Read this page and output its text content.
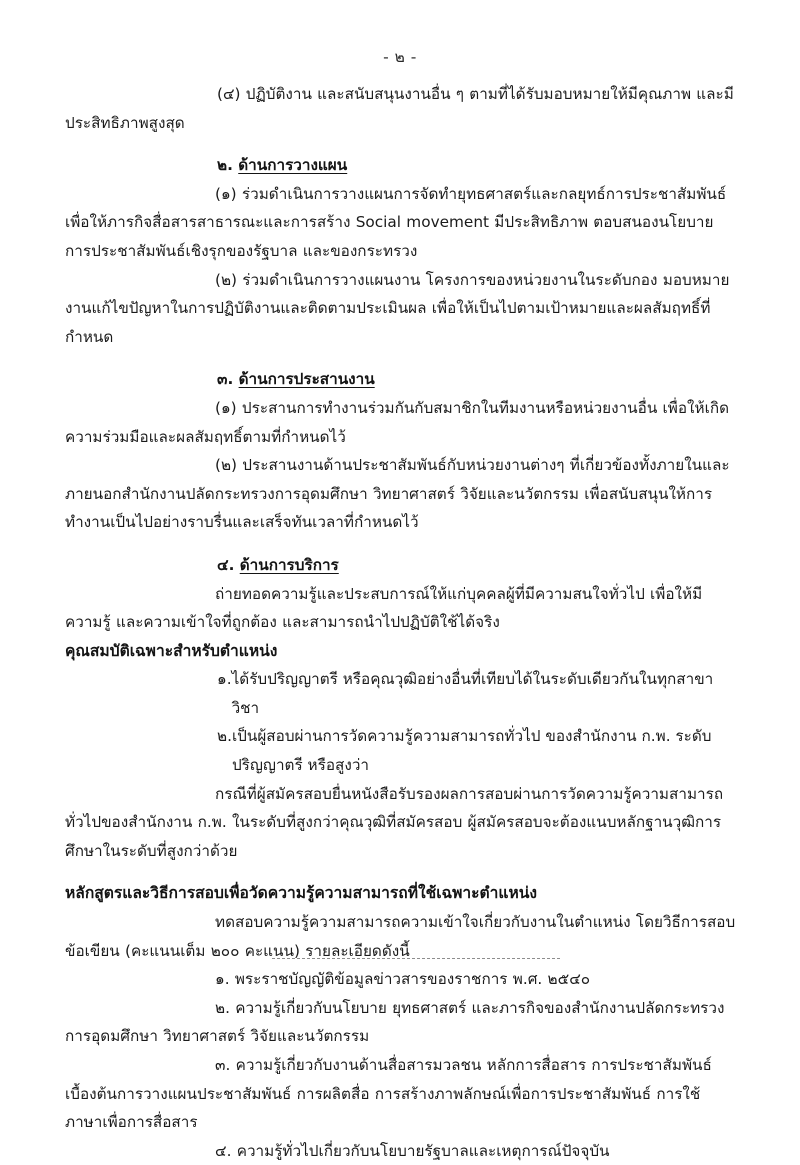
- ๒ -

(๔) ปฏิบัติงาน และสนับสนุนงานอื่น ๆ ตามที่ได้รับมอบหมายให้มีคุณภาพ และมีประสิทธิภาพสูงสุด

๒. ด้านการวางแผน

(๑) ร่วมดำเนินการวางแผนการจัดทำยุทธศาสตร์และกลยุทธ์การประชาสัมพันธ์เพื่อให้ภารกิจสื่อสารสาธารณะและการสร้าง Social movement มีประสิทธิภาพ ตอบสนองนโยบายการประชาสัมพันธ์เชิงรุกของรัฐบาล และของกระทรวง

(๒) ร่วมดำเนินการวางแผนงาน โครงการของหน่วยงานในระดับกอง มอบหมายงานแก้ไขปัญหาในการปฏิบัติงานและติดตามประเมินผล เพื่อให้เป็นไปตามเป้าหมายและผลสัมฤทธิ์ที่กำหนด

๓. ด้านการประสานงาน

(๑) ประสานการทำงานร่วมกันกับสมาชิกในทีมงานหรือหน่วยงานอื่น เพื่อให้เกิดความร่วมมือและผลสัมฤทธิ์ตามที่กำหนดไว้

(๒) ประสานงานด้านประชาสัมพันธ์กับหน่วยงานต่างๆ ที่เกี่ยวข้องทั้งภายในและภายนอกสำนักงานปลัดกระทรวงการอุดมศึกษา วิทยาศาสตร์ วิจัยและนวัตกรรม เพื่อสนับสนุนให้การทำงานเป็นไปอย่างราบรื่นและเสร็จทันเวลาที่กำหนดไว้

๔. ด้านการบริการ

ถ่ายทอดความรู้และประสบการณ์ให้แก่บุคคลผู้ที่มีความสนใจทั่วไป เพื่อให้มีความรู้ และความเข้าใจที่ถูกต้อง และสามารถนำไปปฏิบัติใช้ได้จริง

คุณสมบัติเฉพาะสำหรับตำแหน่ง
๑. ได้รับปริญญาตรี หรือคุณวุฒิอย่างอื่นที่เทียบได้ในระดับเดียวกันในทุกสาขาวิชา
๒. เป็นผู้สอบผ่านการวัดความรู้ความสามารถทั่วไป ของสำนักงาน ก.พ. ระดับปริญญาตรี หรือสูงว่า

กรณีที่ผู้สมัครสอบยื่นหนังสือรับรองผลการสอบผ่านการวัดความรู้ความสามารถทั่วไปของสำนักงาน ก.พ. ในระดับที่สูงกว่าคุณวุฒิที่สมัครสอบ ผู้สมัครสอบจะต้องแนบหลักฐานวุฒิการศึกษาในระดับที่สูงกว่าด้วย

หลักสูตรและวิธีการสอบเพื่อวัดความรู้ความสามารถที่ใช้เฉพาะตำแหน่ง

ทดสอบความรู้ความสามารถความเข้าใจเกี่ยวกับงานในตำแหน่ง โดยวิธีการสอบข้อเขียน (คะแนนเต็ม ๒๐๐ คะแนน) รายละเอียดดังนี้

๑. พระราชบัญญัติข้อมูลข่าวสารของราชการ พ.ศ. ๒๕๔๐

๒. ความรู้เกี่ยวกับนโยบาย ยุทธศาสตร์ และภารกิจของสำนักงานปลัดกระทรวงการอุดมศึกษา วิทยาศาสตร์ วิจัยและนวัตกรรม

๓. ความรู้เกี่ยวกับงานด้านสื่อสารมวลชน หลักการสื่อสาร การประชาสัมพันธ์เบื้องต้นการวางแผนประชาสัมพันธ์ การผลิตสื่อ การสร้างภาพลักษณ์เพื่อการประชาสัมพันธ์ การใช้ภาษาเพื่อการสื่อสาร

๔. ความรู้ทั่วไปเกี่ยวกับนโยบายรัฐบาลและเหตุการณ์ปัจจุบัน
